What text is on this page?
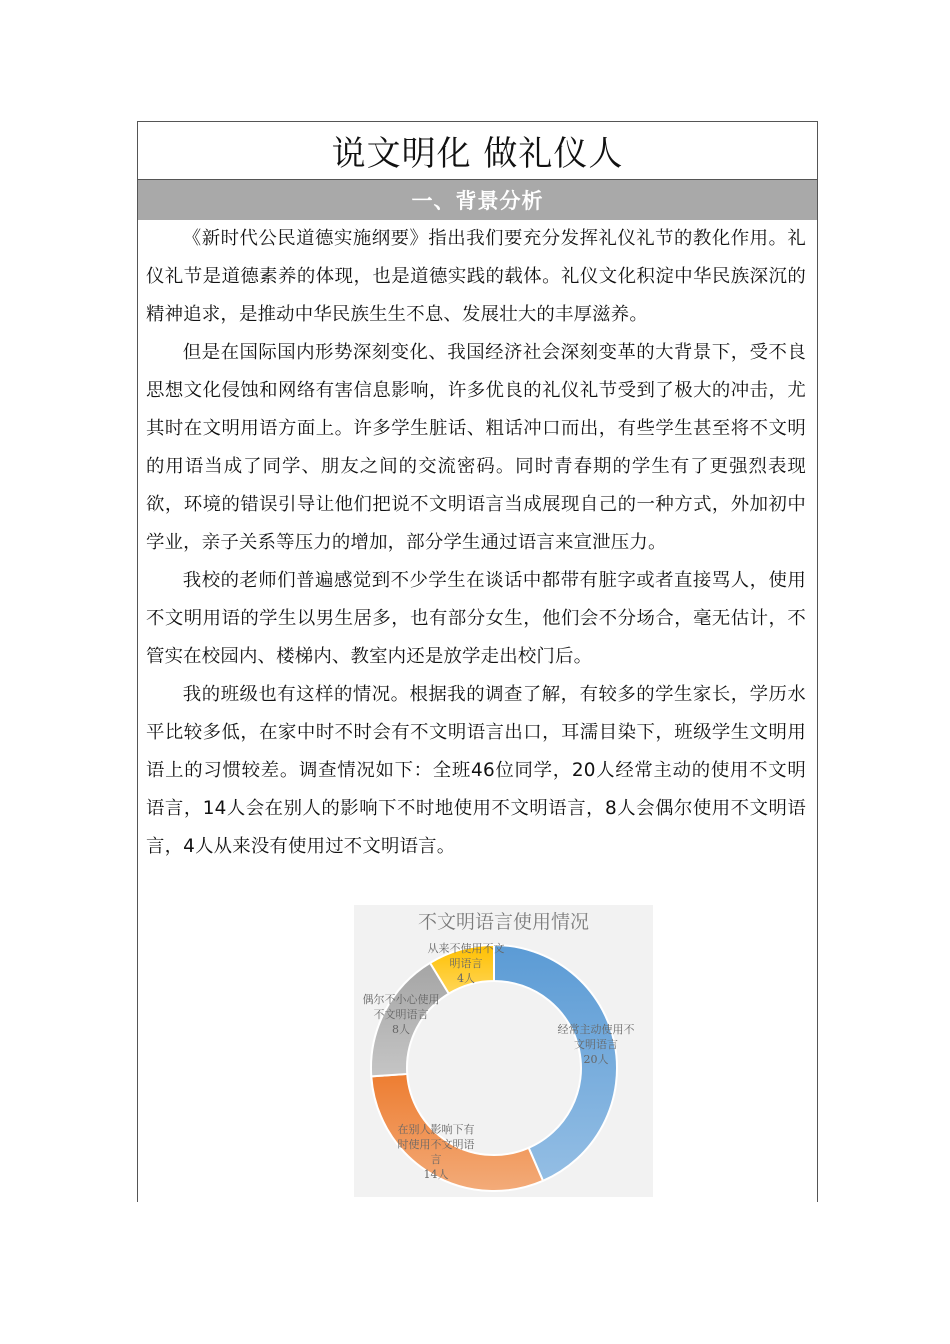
说文明化 做礼仪人
一、背景分析

《新时代公民道德实施纲要》指出我们要充分发挥礼仪礼节的教化作用。礼仪礼节是道德素养的体现，也是道德实践的载体。礼仪文化积淀中华民族深沉的精神追求，是推动中华民族生生不息、发展壮大的丰厚滋养。

但是在国际国内形势深刻变化、我国经济社会深刻变革的大背景下，受不良思想文化侵蚀和网络有害信息影响，许多优良的礼仪礼节受到了极大的冲击，尤其时在文明用语方面上。许多学生脏话、粗话冲口而出，有些学生甚至将不文明的用语当成了同学、朋友之间的交流密码。同时青春期的学生有了更强烈表现欲，环境的错误引导让他们把说不文明语言当成展现自己的一种方式，外加初中学业，亲子关系等压力的增加，部分学生通过语言来宣泄压力。

我校的老师们普遍感觉到不少学生在谈话中都带有脏字或者直接骂人，使用不文明用语的学生以男生居多，也有部分女生，他们会不分场合，毫无估计，不管实在校园内、楼梯内、教室内还是放学走出校门后。

我的班级也有这样的情况。根据我的调查了解，有较多的学生家长，学历水平比较多低，在家中时不时会有不文明语言出口，耳濡目染下，班级学生文明用语上的习惯较差。调查情况如下：全班46位同学，20人经常主动的使用不文明语言，14人会在别人的影响下不时地使用不文明语言，8人会偶尔使用不文明语言，4人从来没有使用过不文明语言。

不文明语言使用情况
经常主动使用不文明语言 20人
在别人影响下有时使用不文明语言 14人
偶尔不小心使用不文明语言 8人
从来不使用不文明语言 4人
